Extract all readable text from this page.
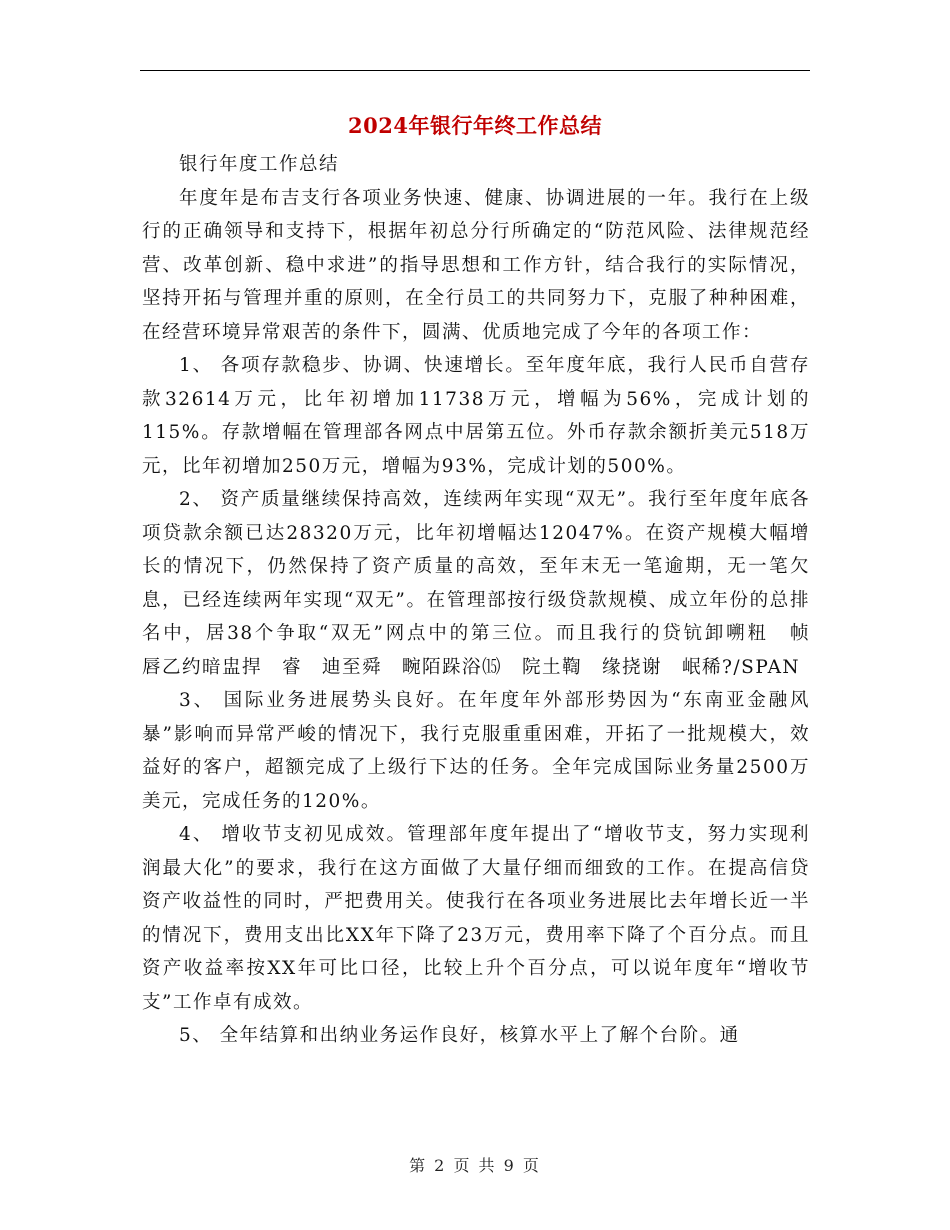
2024年银行年终工作总结

银行年度工作总结

年度年是布吉支行各项业务快速、健康、协调进展的一年。我行在上级行的正确领导和支持下，根据年初总分行所确定的“防范风险、法律规范经营、改革创新、稳中求进”的指导思想和工作方针，结合我行的实际情况，坚持开拓与管理并重的原则，在全行员工的共同努力下，克服了种种困难，在经营环境异常艰苦的条件下，圆满、优质地完成了今年的各项工作：

1、 各项存款稳步、协调、快速增长。至年度年底，我行人民币自营存款32614万元，比年初增加11738万元，增幅为56%，完成计划的115%。存款增幅在管理部各网点中居第五位。外币存款余额折美元518万元，比年初增加250万元，增幅为93%，完成计划的500%。

2、 资产质量继续保持高效，连续两年实现“双无”。我行至年度年底各项贷款余额已达28320万元，比年初增幅达12047%。在资产规模大幅增长的情况下，仍然保持了资产质量的高效，至年末无一笔逾期，无一笔欠息，已经连续两年实现“双无”。在管理部按行级贷款规模、成立年份的总排名中，居38个争取“双无”网点中的第三位。而且我行的贷钪卸嗍粈　帧　唇乙约暗盅捍　睿　迪至舜　畹陌跺浴⒂　院土鞫　缘挠谢　岷稀?/SPAN

3、 国际业务进展势头良好。在年度年外部形势因为“东南亚金融风暴”影响而异常严峻的情况下，我行克服重重困难，开拓了一批规模大，效益好的客户，超额完成了上级行下达的任务。全年完成国际业务量2500万美元，完成任务的120%。

4、 增收节支初见成效。管理部年度年提出了“增收节支，努力实现利润最大化”的要求，我行在这方面做了大量仔细而细致的工作。在提高信贷资产收益性的同时，严把费用关。使我行在各项业务进展比去年增长近一半的情况下，费用支出比XX年下降了23万元，费用率下降了个百分点。而且资产收益率按XX年可比口径，比较上升个百分点，可以说年度年“增收节支”工作卓有成效。

5、 全年结算和出纳业务运作良好，核算水平上了解个台阶。通

第 2 页 共 9 页
